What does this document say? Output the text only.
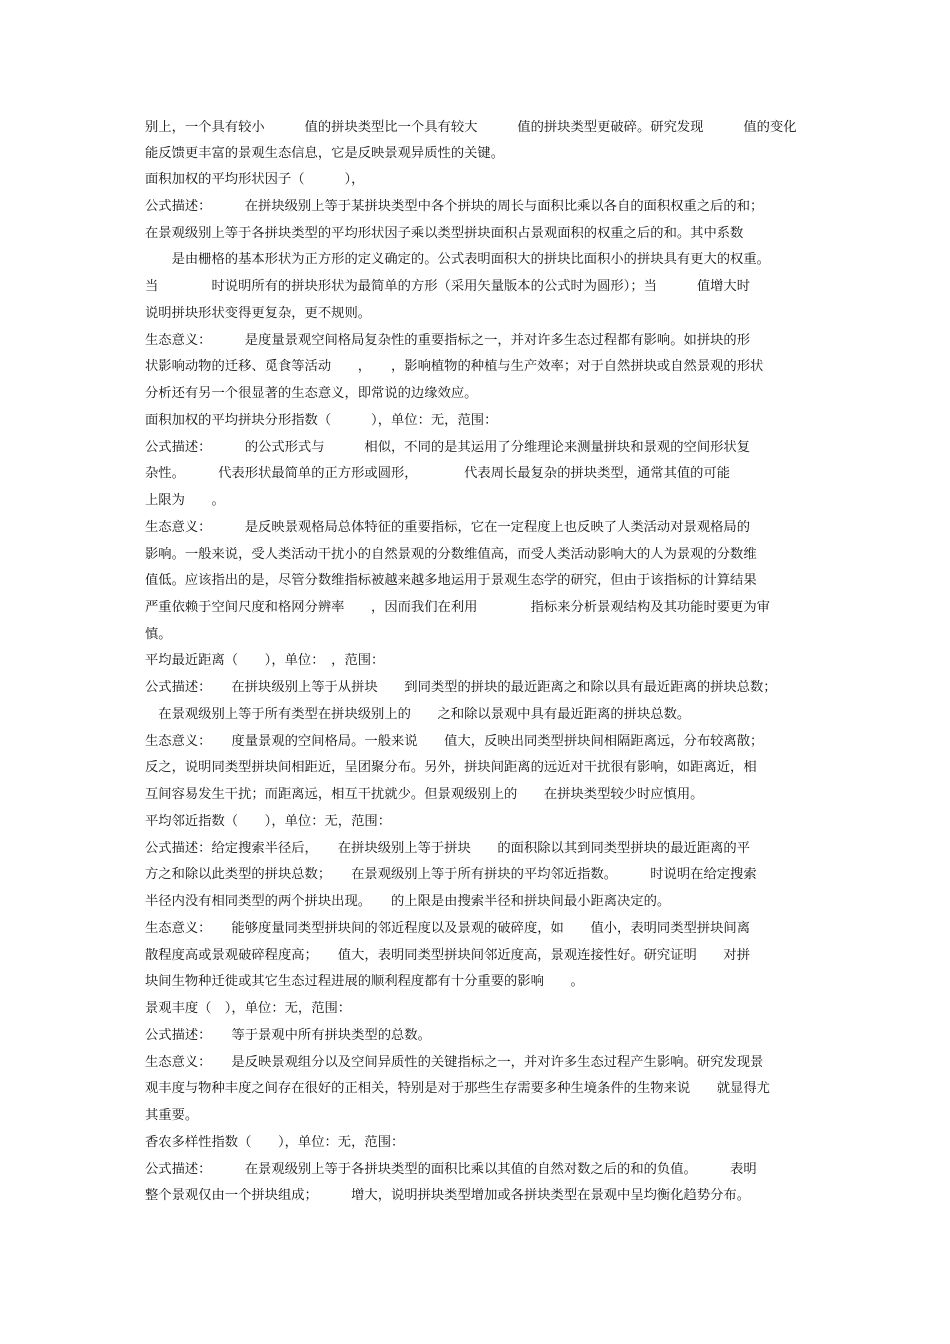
别上，一个具有较小　　　值的拼块类型比一个具有较大　　　值的拼块类型更破碎。研究发现　　　值的变化
能反馈更丰富的景观生态信息，它是反映景观异质性的关键。
面积加权的平均形状因子（　　　），
公式描述：　　　在拼块级别上等于某拼块类型中各个拼块的周长与面积比乘以各自的面积权重之后的和；
在景观级别上等于各拼块类型的平均形状因子乘以类型拼块面积占景观面积的权重之后的和。其中系数
　　是由栅格的基本形状为正方形的定义确定的。公式表明面积大的拼块比面积小的拼块具有更大的权重。
当　　　　时说明所有的拼块形状为最简单的方形（采用矢量版本的公式时为圆形）；当　　　值增大时
说明拼块形状变得更复杂，更不规则。
生态意义：　　　是度量景观空间格局复杂性的重要指标之一，并对许多生态过程都有影响。如拼块的形
状影响动物的迁移、觅食等活动　　，　　，影响植物的种植与生产效率；对于自然拼块或自然景观的形状
分析还有另一个很显著的生态意义，即常说的边缘效应。
面积加权的平均拼块分形指数（　　　），单位：无，范围：
公式描述：　　　的公式形式与　　　相似，不同的是其运用了分维理论来测量拼块和景观的空间形状复
杂性。　　　代表形状最简单的正方形或圆形，　　　　代表周长最复杂的拼块类型，通常其值的可能
上限为　　。
生态意义：　　　是反映景观格局总体特征的重要指标，它在一定程度上也反映了人类活动对景观格局的
影响。一般来说，受人类活动干扰小的自然景观的分数维值高，而受人类活动影响大的人为景观的分数维
值低。应该指出的是，尽管分数维指标被越来越多地运用于景观生态学的研究，但由于该指标的计算结果
严重依赖于空间尺度和格网分辨率　　，因而我们在利用　　　　指标来分析景观结构及其功能时要更为审
慎。
平均最近距离（　　），单位：　，范围：
公式描述：　　在拼块级别上等于从拼块　　到同类型的拼块的最近距离之和除以具有最近距离的拼块总数；
　在景观级别上等于所有类型在拼块级别上的　　之和除以景观中具有最近距离的拼块总数。
生态意义：　　度量景观的空间格局。一般来说　　值大，反映出同类型拼块间相隔距离远，分布较离散；
反之，说明同类型拼块间相距近，呈团聚分布。另外，拼块间距离的远近对干扰很有影响，如距离近，相
互间容易发生干扰；而距离远，相互干扰就少。但景观级别上的　　在拼块类型较少时应慎用。
平均邻近指数（　　），单位：无，范围：
公式描述：给定搜索半径后，　　在拼块级别上等于拼块　　的面积除以其到同类型拼块的最近距离的平
方之和除以此类型的拼块总数；　　在景观级别上等于所有拼块的平均邻近指数。　　　时说明在给定搜索
半径内没有相同类型的两个拼块出现。　　的上限是由搜索半径和拼块间最小距离决定的。
生态意义：　　能够度量同类型拼块间的邻近程度以及景观的破碎度，如　　值小，表明同类型拼块间离
散程度高或景观破碎程度高；　　值大，表明同类型拼块间邻近度高，景观连接性好。研究证明　　对拼
块间生物种迁徙或其它生态过程进展的顺利程度都有十分重要的影响　　。
景观丰度（　），单位：无，范围：
公式描述：　　等于景观中所有拼块类型的总数。
生态意义：　　是反映景观组分以及空间异质性的关键指标之一，并对许多生态过程产生影响。研究发现景
观丰度与物种丰度之间存在很好的正相关，特别是对于那些生存需要多种生境条件的生物来说　　就显得尤
其重要。
香农多样性指数（　　），单位：无，范围：
公式描述：　　　在景观级别上等于各拼块类型的面积比乘以其值的自然对数之后的和的负值。　　　表明
整个景观仅由一个拼块组成；　　　增大，说明拼块类型增加或各拼块类型在景观中呈均衡化趋势分布。
